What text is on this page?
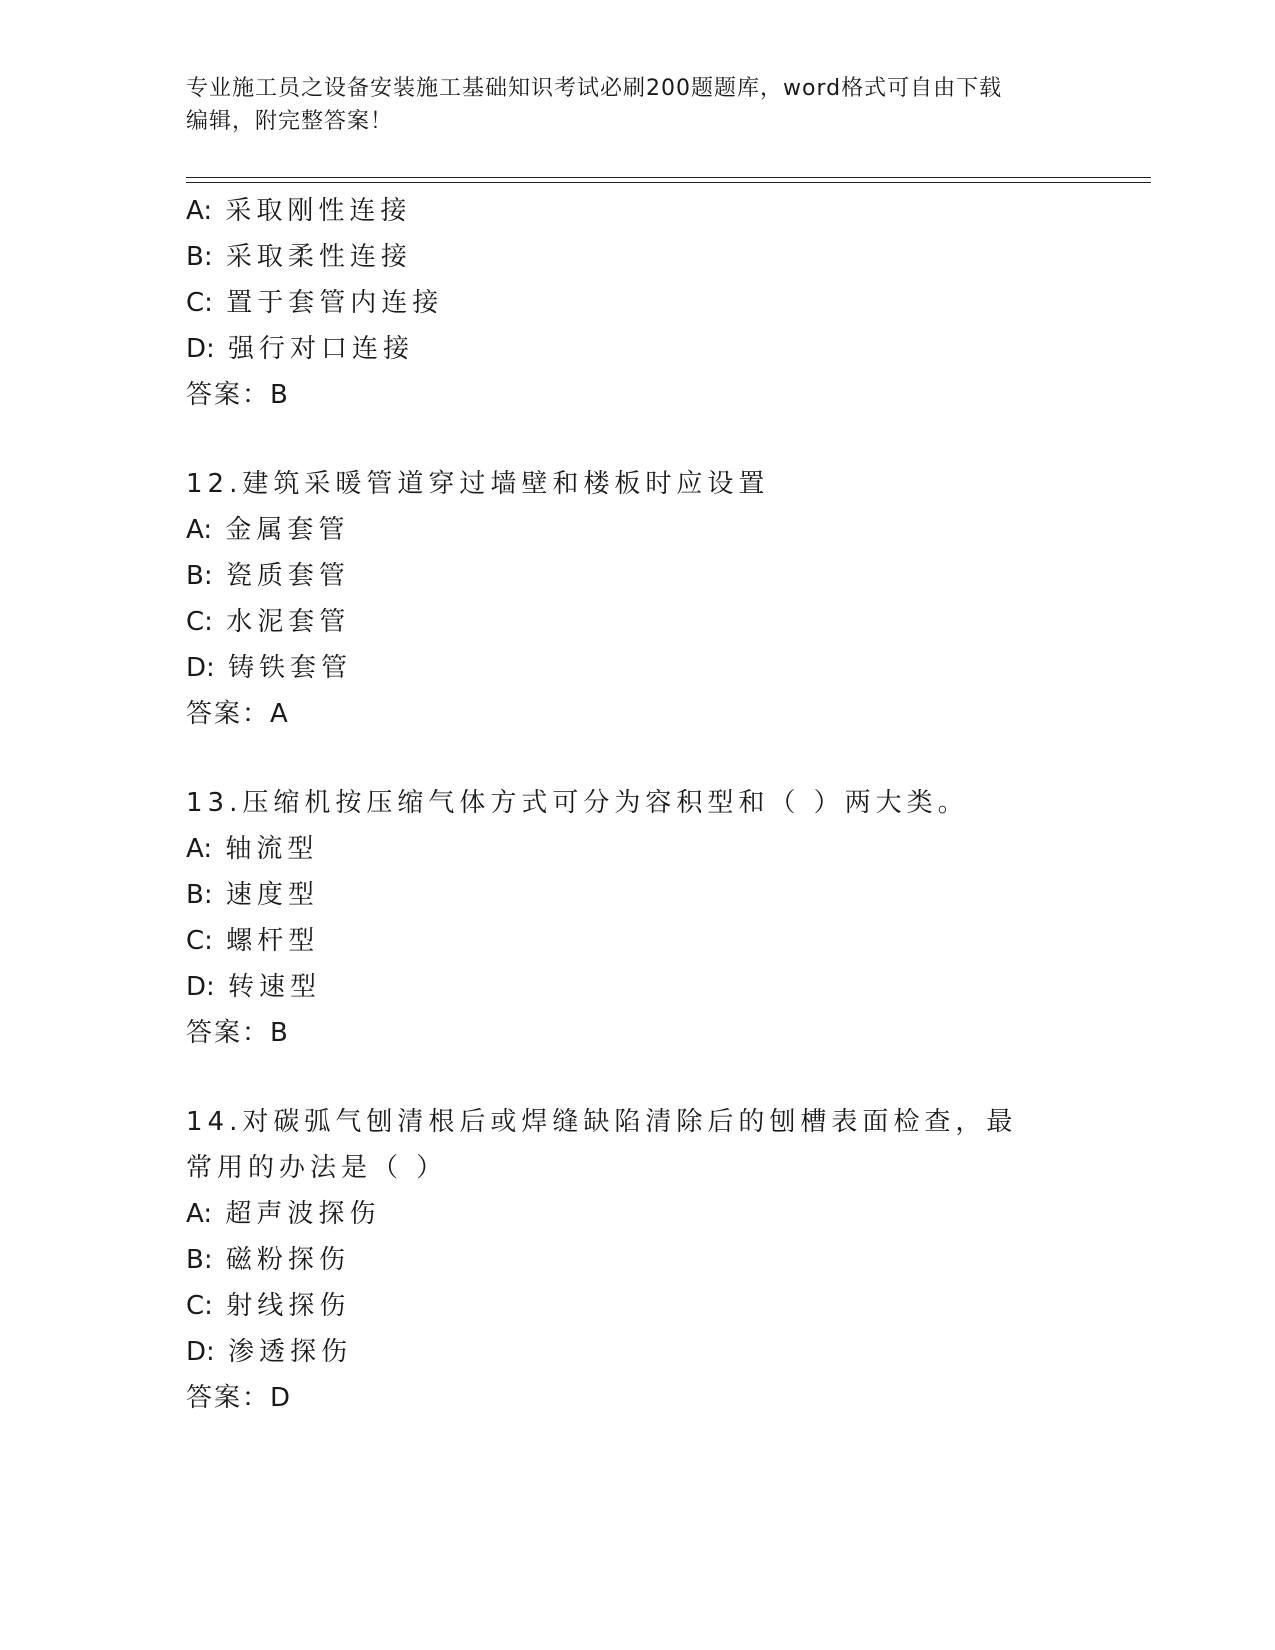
专业施工员之设备安装施工基础知识考试必刷200题题库，word格式可自由下载
编辑，附完整答案！
A: 采取刚性连接
B: 采取柔性连接
C: 置于套管内连接
D: 强行对口连接
答案：B
12.建筑采暖管道穿过墙壁和楼板时应设置
A: 金属套管
B: 瓷质套管
C: 水泥套管
D: 铸铁套管
答案：A
13.压缩机按压缩气体方式可分为容积型和（ ）两大类。
A: 轴流型
B: 速度型
C: 螺杆型
D: 转速型
答案：B
14.对碳弧气刨清根后或焊缝缺陷清除后的刨槽表面检查，最常用的办法是（ ）
A: 超声波探伤
B: 磁粉探伤
C: 射线探伤
D: 渗透探伤
答案：D
